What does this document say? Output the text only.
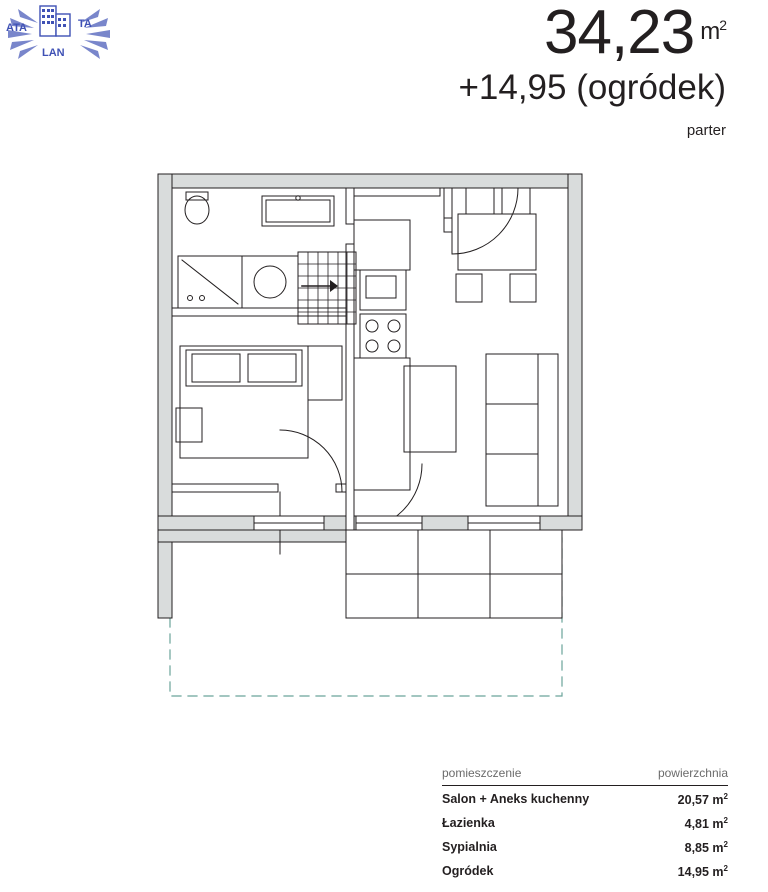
ATA	TA
LAN	34,23 $^{m^2}$
+14,95 (ogródek)
parter
pomieszczenie	powierzchnia
Salon + Aneks kuchenny	20,57 $m^2$
Łazienka	4,81 $m^2$
Sypialnia	8,85 $m^2$
Ogródek	14,95 $m^2$
